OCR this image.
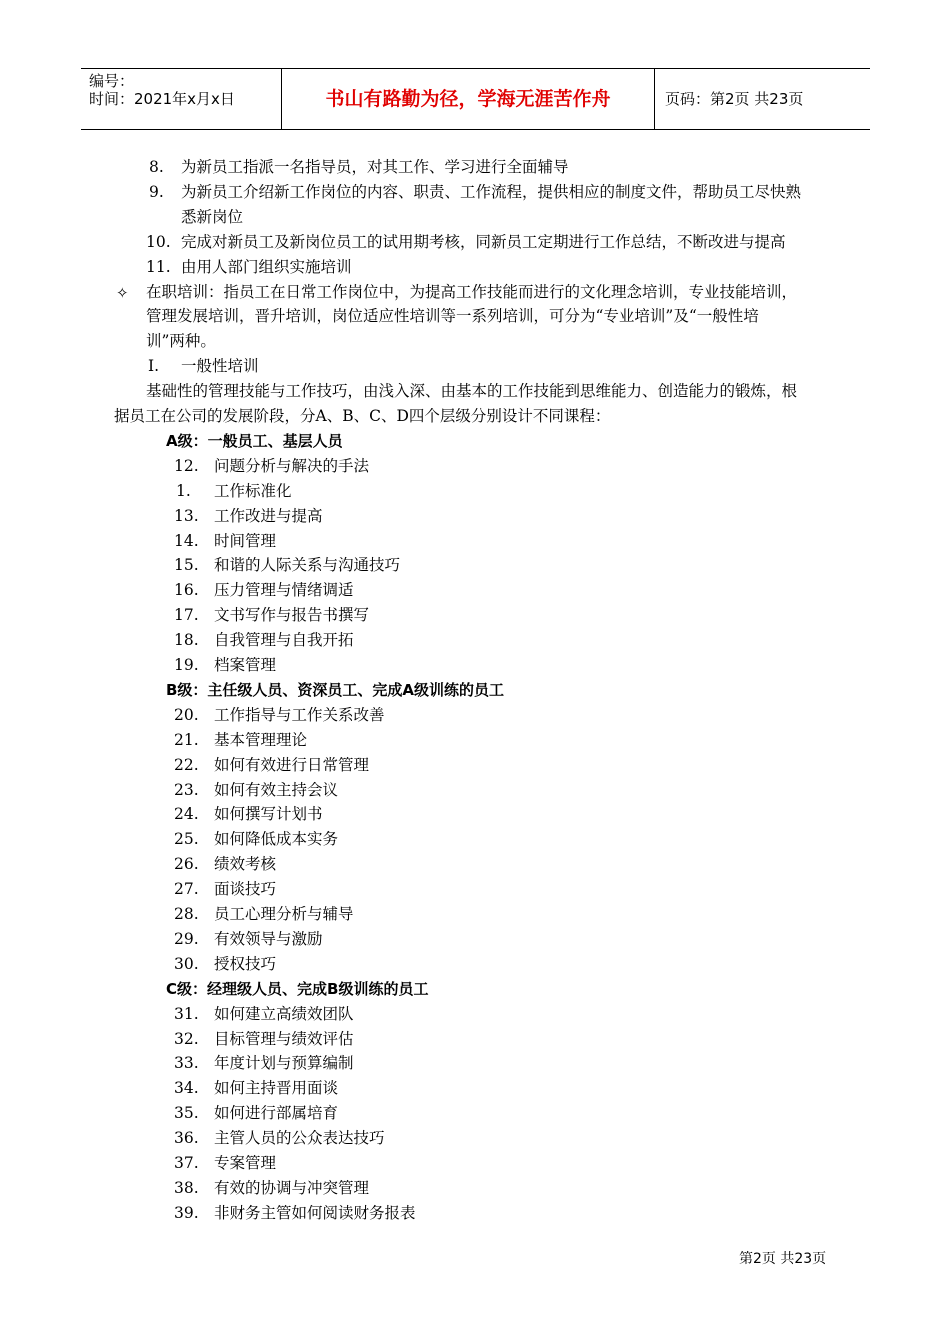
编号：
时间：2021年x月x日	书山有路勤为径，学海无涯苦作舟	页码：第2页 共23页
8. 为新员工指派一名指导员，对其工作、学习进行全面辅导
9. 为新员工介绍新工作岗位的内容、职责、工作流程，提供相应的制度文件，帮助员工尽快熟
悉新岗位
10. 完成对新员工及新岗位员工的试用期考核，同新员工定期进行工作总结，不断改进与提高
11. 由用人部门组织实施培训
✧ 在职培训：指员工在日常工作岗位中，为提高工作技能而进行的文化理念培训，专业技能培训，
管理发展培训，晋升培训，岗位适应性培训等一系列培训，可分为“专业培训”及“一般性培
训”两种。
I. 一般性培训
基础性的管理技能与工作技巧，由浅入深、由基本的工作技能到思维能力、创造能力的锻炼，根
据员工在公司的发展阶段，分A、B、C、D四个层级分别设计不同课程：
A级：一般员工、基层人员
12. 问题分析与解决的手法
1. 工作标准化
13. 工作改进与提高
14. 时间管理
15. 和谐的人际关系与沟通技巧
16. 压力管理与情绪调适
17. 文书写作与报告书撰写
18. 自我管理与自我开拓
19. 档案管理
B级：主任级人员、资深员工、完成A级训练的员工
20. 工作指导与工作关系改善
21. 基本管理理论
22. 如何有效进行日常管理
23. 如何有效主持会议
24. 如何撰写计划书
25. 如何降低成本实务
26. 绩效考核
27. 面谈技巧
28. 员工心理分析与辅导
29. 有效领导与激励
30. 授权技巧
C级：经理级人员、完成B级训练的员工
31. 如何建立高绩效团队
32. 目标管理与绩效评估
33. 年度计划与预算编制
34. 如何主持晋用面谈
35. 如何进行部属培育
36. 主管人员的公众表达技巧
37. 专案管理
38. 有效的协调与冲突管理
39. 非财务主管如何阅读财务报表
第2页 共23页
